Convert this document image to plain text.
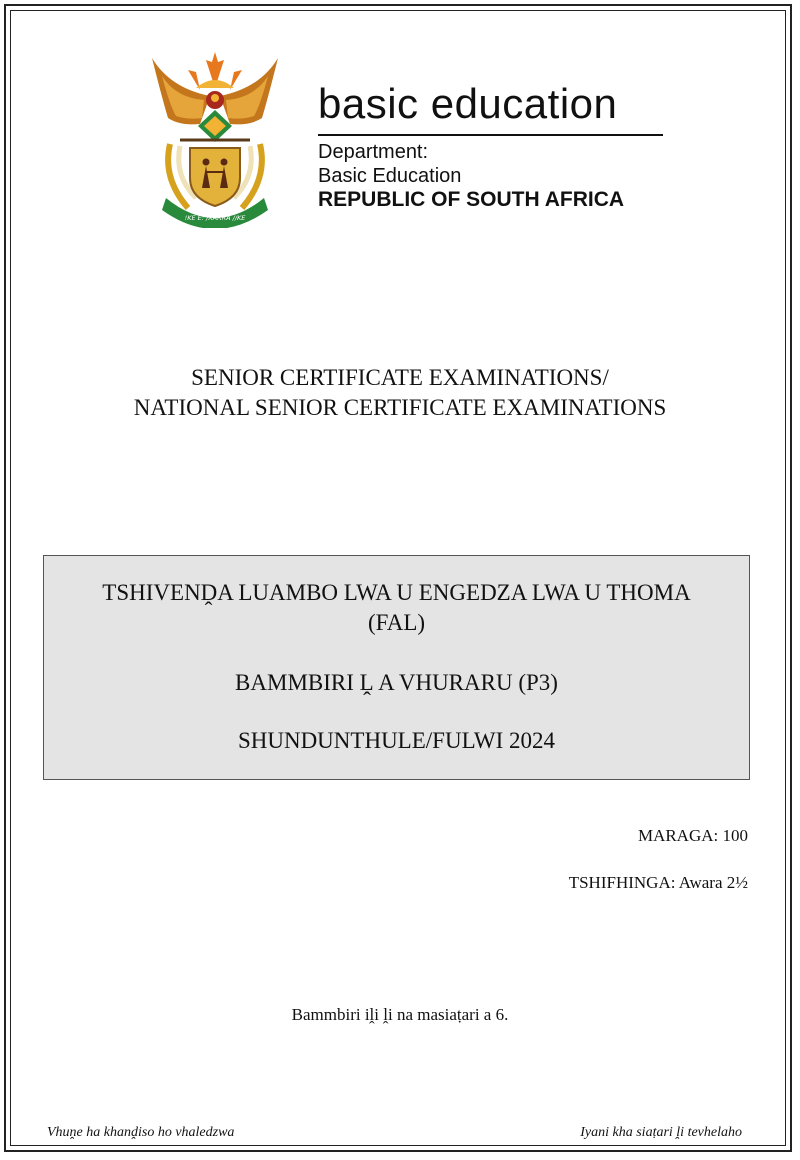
!KE E: /XARRA //KE
basic education
Department:
Basic Education
REPUBLIC OF SOUTH AFRICA
SENIOR CERTIFICATE EXAMINATIONS/
NATIONAL SENIOR CERTIFICATE EXAMINATIONS
TSHIVENḒA LUAMBO LWA U ENGEDZA LWA U THOMA
(FAL)
BAMMBIRI Ḽ A VHURARU (P3)
SHUNDUNTHULE/FULWI 2024
MARAGA: 100
TSHIFHINGA: Awara 2½
Bammbiri iḽi ḽi na masiaṭari a 6.
Vhuṋe ha khanḓiso ho vhaledzwa	Iyani kha siaṭari ḽi tevhelaho
